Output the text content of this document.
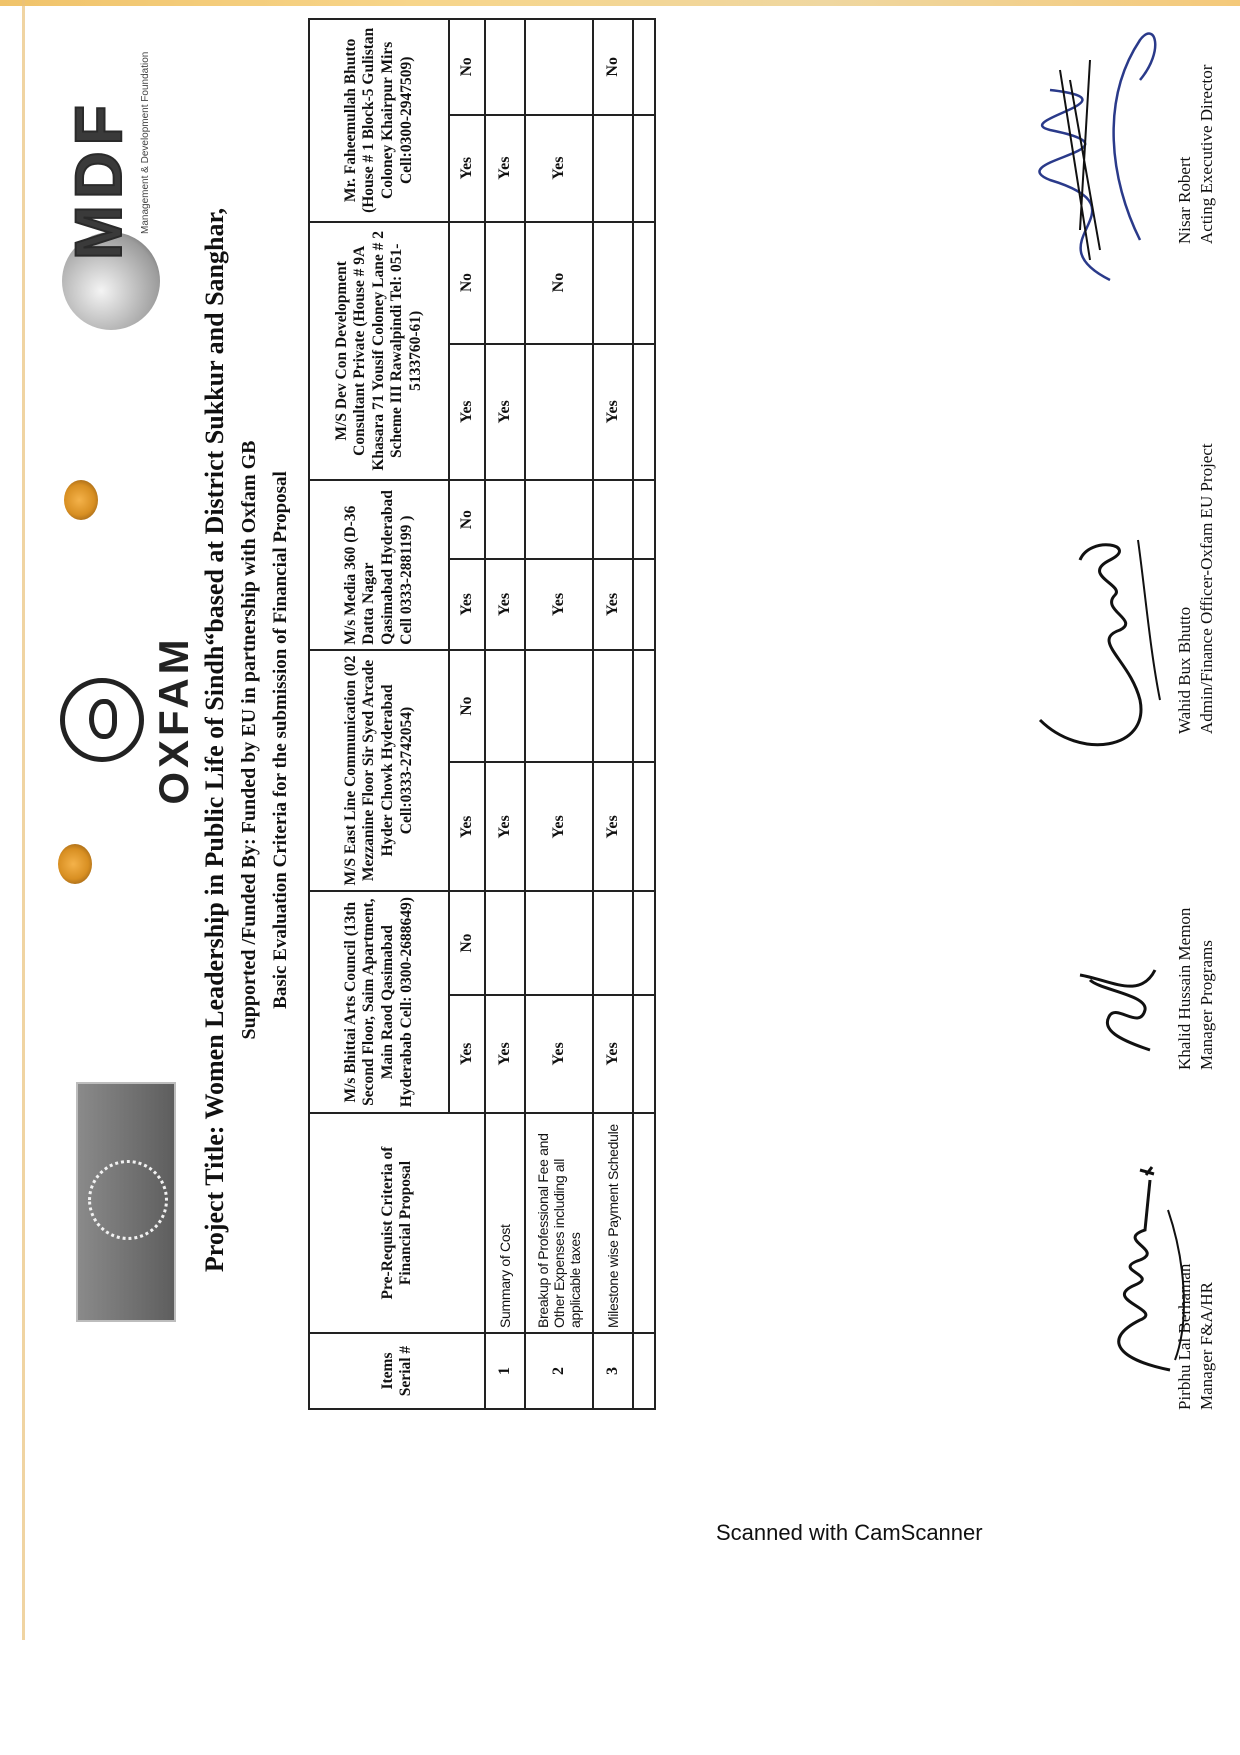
OXFAM
MDF Management & Development Foundation
Project Title: Women Leadership in Public Life of Sindh“based at District Sukkur and Sanghar, Supported /Funded By: Funded by EU in partnership with Oxfam GB Basic Evaluation Criteria for the submission of Financial Proposal
Items Serial #	Pre-Requist Criteria of Financial Proposal	M/s Bhittai Arts Council (13th Second Floor, Saim Apartment, Main Raod Qasimabad Hyderabab Cell: 0300-2688649)		M/S East Line Communication (02 Mezzanine Floor Sir Syed Arcade Hyder Chowk Hyderabad Cell:0333-2742054)		M/s Media 360 (D-36 Datta Nagar Qasimabad Hyderabad Cell 0333-2881199 )		M/S Dev Con Development Consultant Private (House # 9A Khasara 71 Yousif Coloney Lane # 2 Scheme III Rawalpindi Tel: 051-5133760-61)		Mr. Faheemullah Bhutto (House # 1 Block-5 Gulistan Coloney Khairpur Mirs Cell:0300-2947509)	
		Yes	No	Yes	No	Yes	No	Yes	No	Yes	No
1	Summary of Cost	Yes		Yes		Yes		Yes		Yes	
2	Breakup of Professional Fee and Other Expenses including all applicable taxes	Yes		Yes		Yes			No	Yes	
3	Milestone wise Payment Schedule	Yes		Yes		Yes		Yes			No

Pirbhu Lal Berhaman Manager F&A/HR
Khalid Hussain Memon Manager Programs
Wahid Bux Bhutto Admin/Finance Officer-Oxfam EU Project
Nisar Robert Acting Executive Director
Scanned with CamScanner
